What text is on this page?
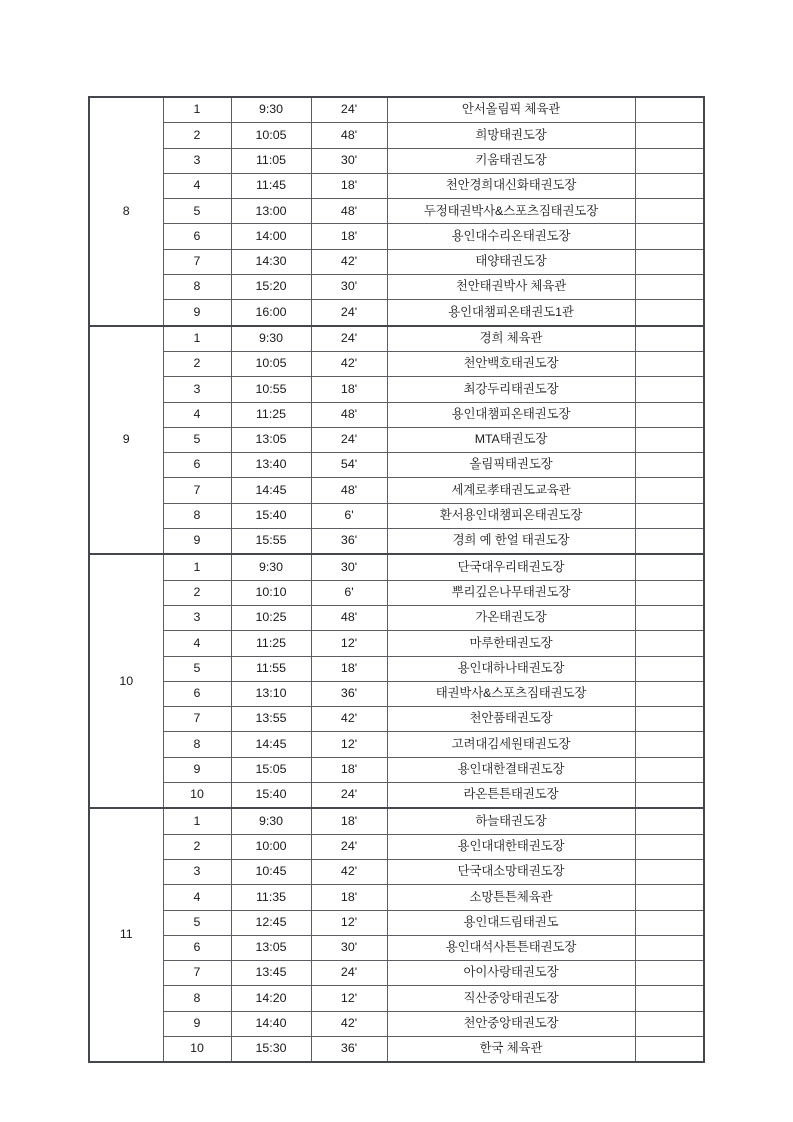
8	1	9:30	24'	안서올림픽 체육관	
	2	10:05	48'	희망태권도장	
	3	11:05	30'	키움태권도장	
	4	11:45	18'	천안경희대신화태권도장	
	5	13:00	48'	두정태권박사&스포츠짐태권도장	
	6	14:00	18'	용인대수리온태권도장	
	7	14:30	42'	태양태권도장	
	8	15:20	30'	천안태권박사 체육관	
	9	16:00	24'	용인대챔피온태권도1관	
9	1	9:30	24'	경희 체육관	
	2	10:05	42'	천안백호태권도장	
	3	10:55	18'	최강두리태권도장	
	4	11:25	48'	용인대챔피온태권도장	
	5	13:05	24'	MTA태권도장	
	6	13:40	54'	올림픽태권도장	
	7	14:45	48'	세계로孝태권도교육관	
	8	15:40	6'	환서용인대챔피온태권도장	
	9	15:55	36'	경희 예 한얼 태권도장	
10	1	9:30	30'	단국대우리태권도장	
	2	10:10	6'	뿌리깊은나무태권도장	
	3	10:25	48'	가온태권도장	
	4	11:25	12'	마루한태권도장	
	5	11:55	18'	용인대하나태권도장	
	6	13:10	36'	태권박사&스포츠짐태권도장	
	7	13:55	42'	천안품태권도장	
	8	14:45	12'	고려대김세원태권도장	
	9	15:05	18'	용인대한결태권도장	
	10	15:40	24'	라온튼튼태권도장	
11	1	9:30	18'	하늘태권도장	
	2	10:00	24'	용인대대한태권도장	
	3	10:45	42'	단국대소망태권도장	
	4	11:35	18'	소망튼튼체육관	
	5	12:45	12'	용인대드림태권도	
	6	13:05	30'	용인대석사튼튼태권도장	
	7	13:45	24'	아이사랑태권도장	
	8	14:20	12'	직산중앙태권도장	
	9	14:40	42'	천안중앙태권도장	
	10	15:30	36'	한국 체육관	
